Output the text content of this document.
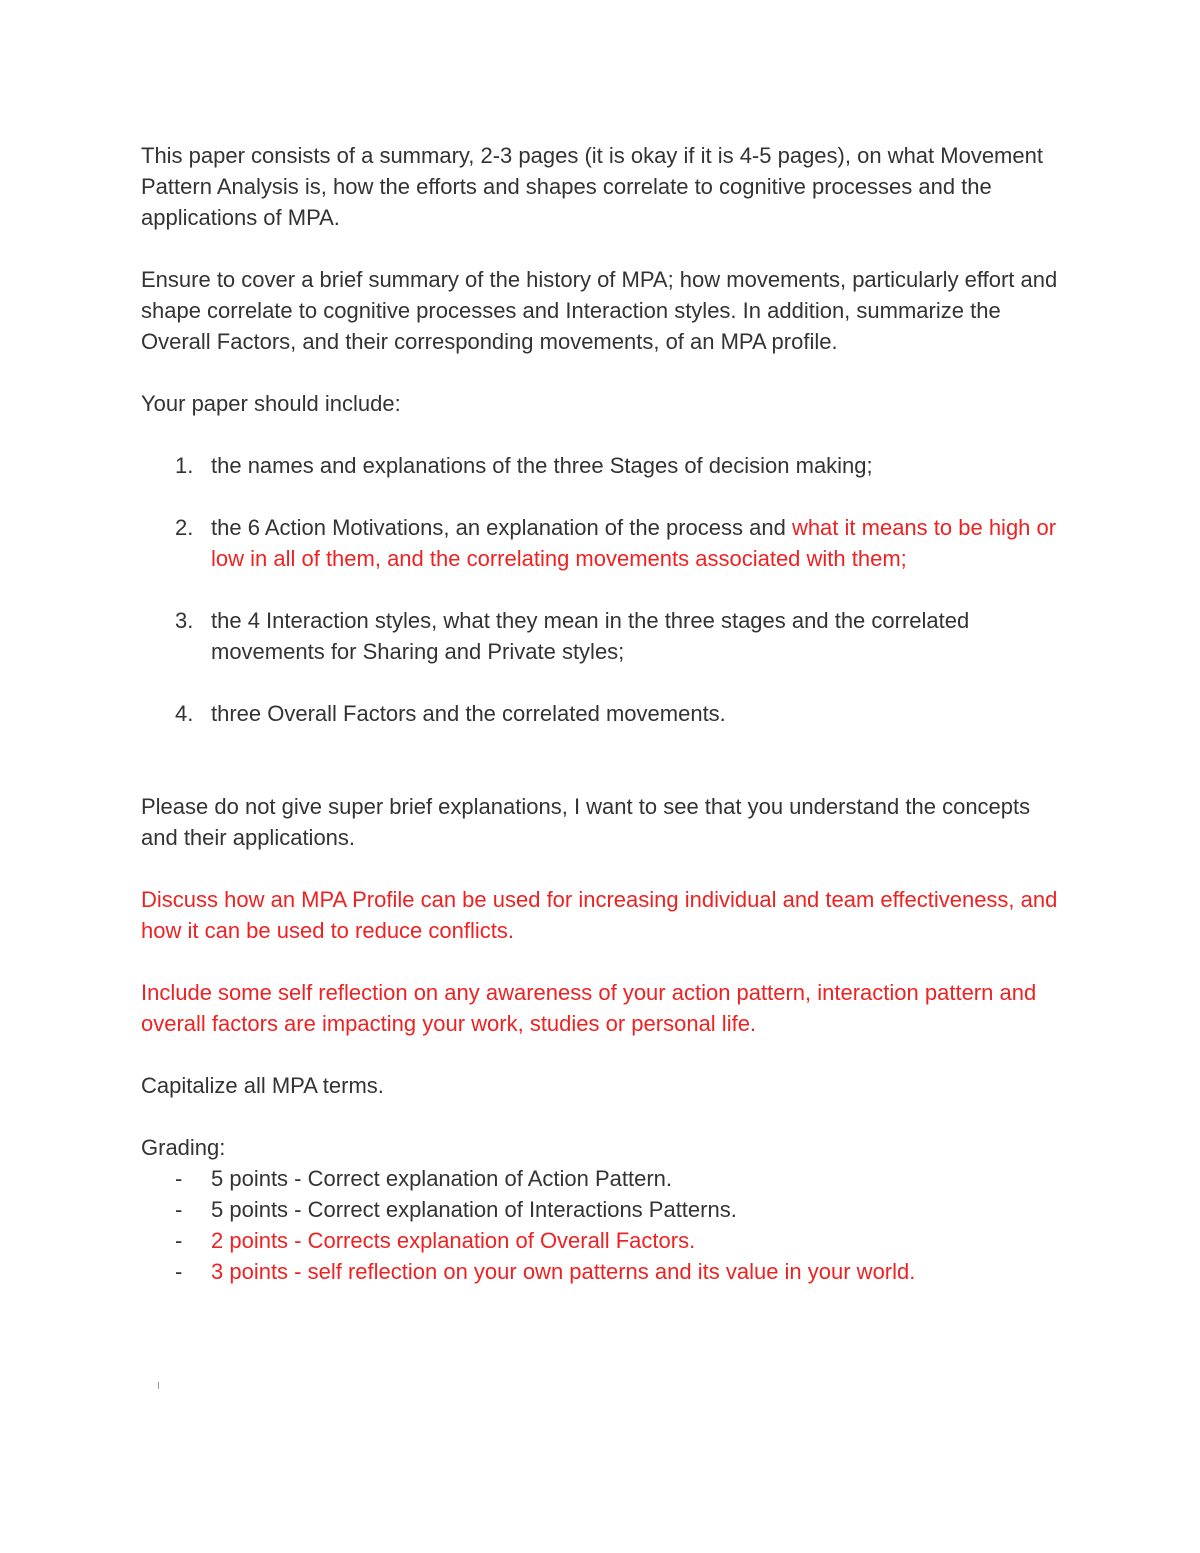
This paper consists of a summary, 2-3 pages (it is okay if it is 4-5 pages), on what Movement Pattern Analysis is, how the efforts and shapes correlate to cognitive processes and the applications of MPA.

Ensure to cover a brief summary of the history of MPA; how movements, particularly effort and shape correlate to cognitive processes and Interaction styles. In addition, summarize the Overall Factors, and their corresponding movements, of an MPA profile.

Your paper should include:

1. the names and explanations of the three Stages of decision making;
2. the 6 Action Motivations, an explanation of the process and what it means to be high or low in all of them, and the correlating movements associated with them;
3. the 4 Interaction styles, what they mean in the three stages and the correlated movements for Sharing and Private styles;
4. three Overall Factors and the correlated movements.

Please do not give super brief explanations, I want to see that you understand the concepts and their applications.

Discuss how an MPA Profile can be used for increasing individual and team effectiveness, and how it can be used to reduce conflicts.

Include some self reflection on any awareness of your action pattern, interaction pattern and overall factors are impacting your work, studies or personal life.

Capitalize all MPA terms.

Grading:

- 5 points - Correct explanation of Action Pattern.
- 5 points - Correct explanation of Interactions Patterns.
- 2 points - Corrects explanation of Overall Factors.
- 3 points - self reflection on your own patterns and its value in your world.
